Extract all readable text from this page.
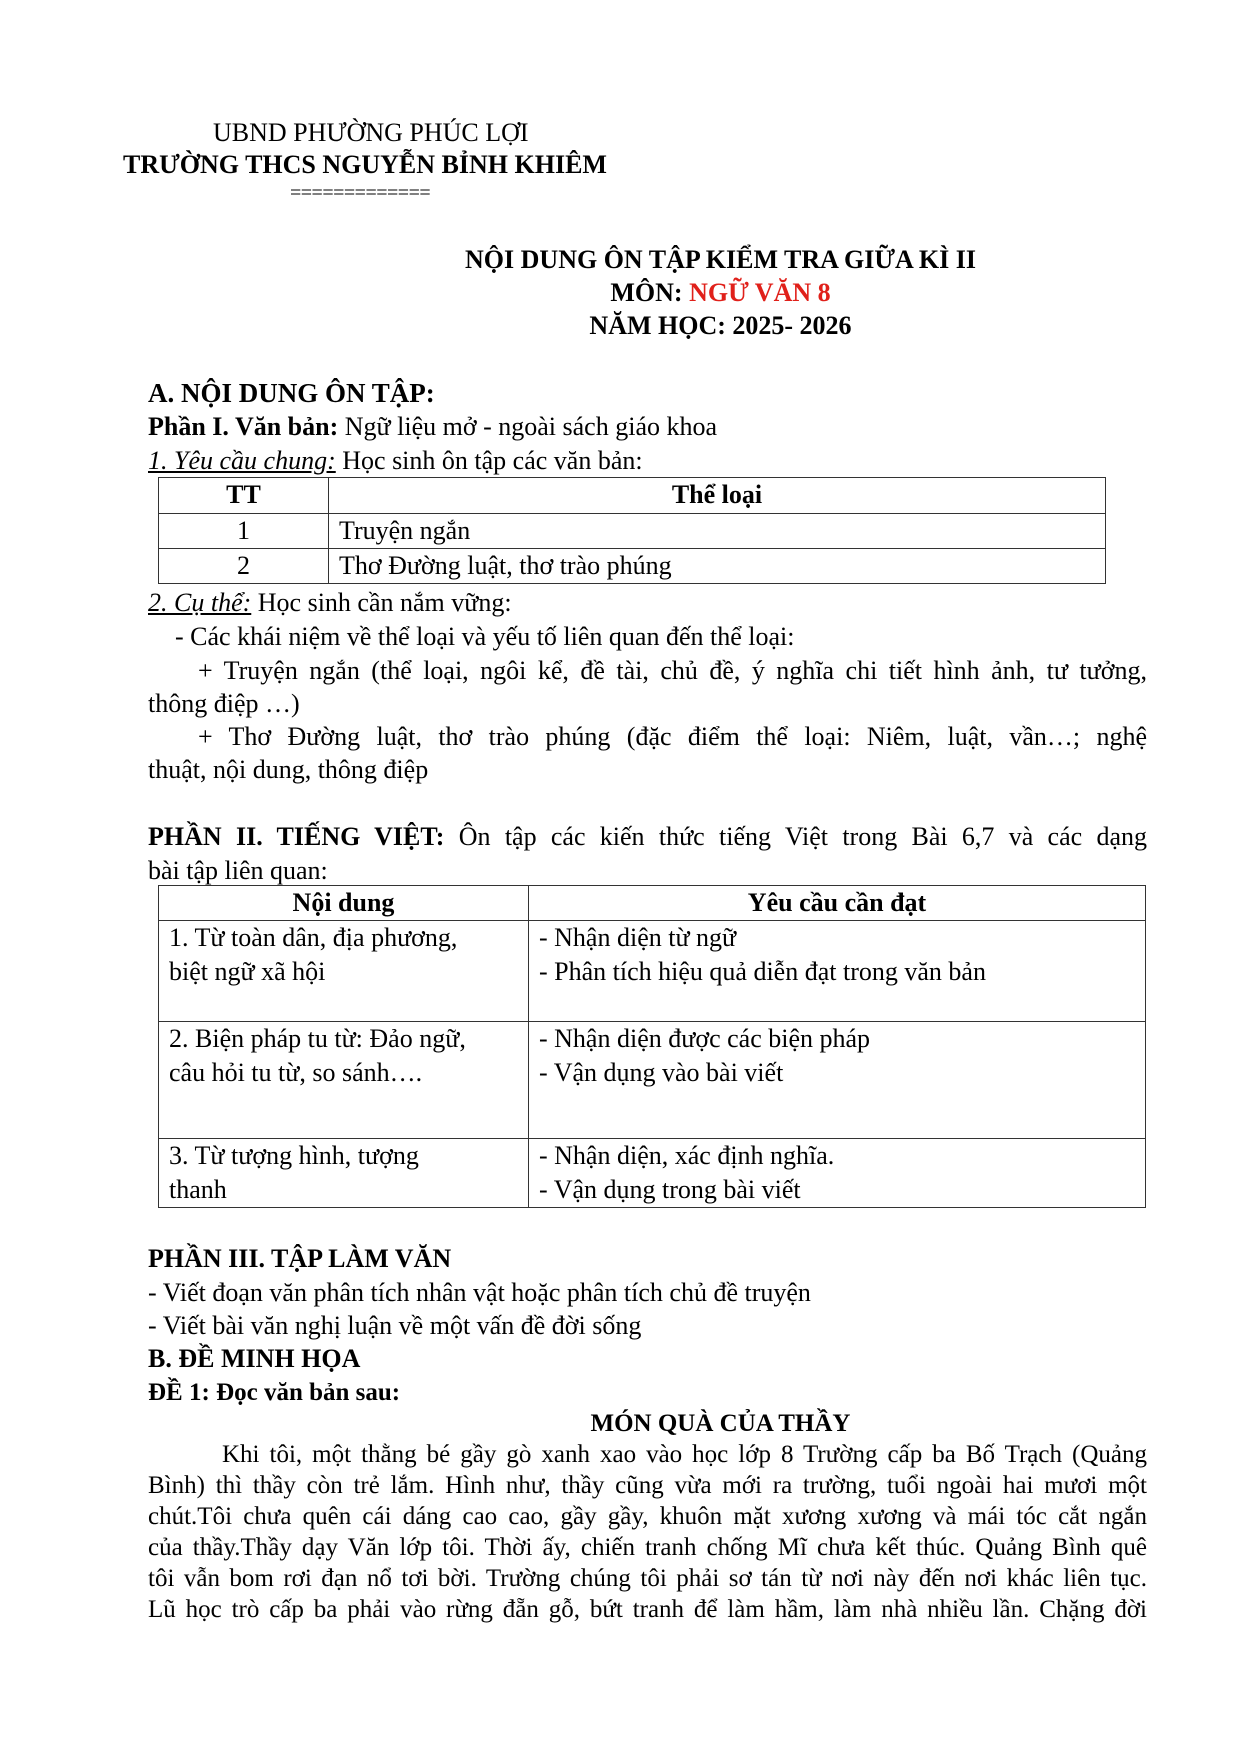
UBND PHƯỜNG PHÚC LỢI
TRƯỜNG THCS NGUYỄN BỈNH KHIÊM
=============
NỘI DUNG ÔN TẬP KIỂM TRA GIỮA KÌ II
MÔN: NGỮ VĂN 8
NĂM HỌC: 2025- 2026
A. NỘI DUNG ÔN TẬP:
Phần I. Văn bản: Ngữ liệu mở - ngoài sách giáo khoa
1. Yêu cầu chung: Học sinh ôn tập các văn bản:
TT	Thể loại
1	Truyện ngắn
2	Thơ Đường luật, thơ trào phúng
2. Cụ thể: Học sinh cần nắm vững:
- Các khái niệm về thể loại và yếu tố liên quan đến thể loại:
+ Truyện ngắn (thể loại, ngôi kể, đề tài, chủ đề, ý nghĩa chi tiết hình ảnh, tư tưởng,
thông điệp …)
+ Thơ Đường luật, thơ trào phúng (đặc điểm thể loại: Niêm, luật, vần…; nghệ
thuật, nội dung, thông điệp
PHẦN II. TIẾNG VIỆT: Ôn tập các kiến thức tiếng Việt trong Bài 6,7 và các dạng
bài tập liên quan:
Nội dung	Yêu cầu cần đạt

1. Từ toàn dân, địa phương,
biệt ngữ xã hội	- Nhận diện từ ngữ
- Phân tích hiệu quả diễn đạt trong văn bản

2. Biện pháp tu từ: Đảo ngữ,
câu hỏi tu từ, so sánh….	- Nhận diện được các biện pháp
- Vận dụng vào bài viết

3. Từ tượng hình, tượng
thanh	- Nhận diện, xác định nghĩa.
- Vận dụng trong bài viết
PHẦN III. TẬP LÀM VĂN
- Viết đoạn văn phân tích nhân vật hoặc phân tích chủ đề truyện
- Viết bài văn nghị luận về một vấn đề đời sống
B. ĐỀ MINH HỌA
ĐỀ 1: Đọc văn bản sau:
MÓN QUÀ CỦA THẦY
Khi tôi, một thằng bé gầy gò xanh xao vào học lớp 8 Trường cấp ba Bố Trạch (Quảng
Bình) thì thầy còn trẻ lắm. Hình như, thầy cũng vừa mới ra trường, tuổi ngoài hai mươi một
chút.Tôi chưa quên cái dáng cao cao, gầy gầy, khuôn mặt xương xương và mái tóc cắt ngắn
của thầy.Thầy dạy Văn lớp tôi. Thời ấy, chiến tranh chống Mĩ chưa kết thúc. Quảng Bình quê
tôi vẫn bom rơi đạn nổ tơi bời. Trường chúng tôi phải sơ tán từ nơi này đến nơi khác liên tục.
Lũ học trò cấp ba phải vào rừng đẵn gỗ, bứt tranh để làm hầm, làm nhà nhiều lần. Chặng đời
